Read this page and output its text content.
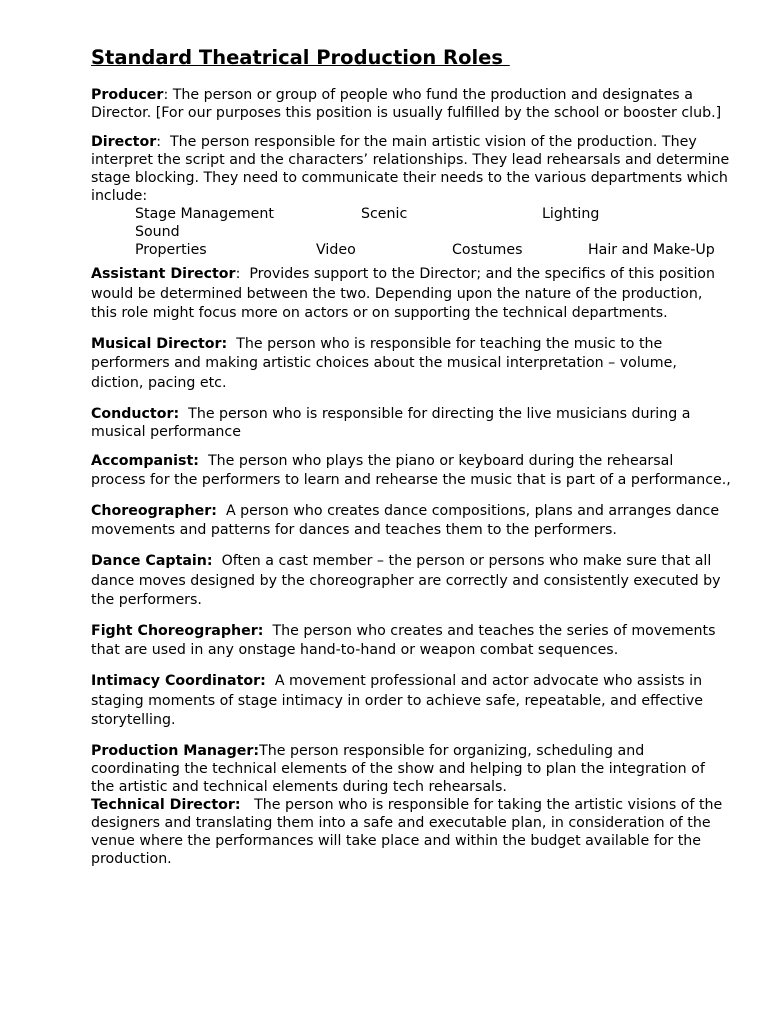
Standard Theatrical Production Roles
Producer: The person or group of people who fund the production and designates a Director. [For our purposes this position is usually fulfilled by the school or booster club.]
Director:  The person responsible for the main artistic vision of the production. They interpret the script and the characters’ relationships. They lead rehearsals and determine stage blocking. They need to communicate their needs to the various departments which include:
Stage Management	Scenic	Lighting
Sound
Properties	Video	Costumes	Hair and Make-Up
Assistant Director:  Provides support to the Director; and the specifics of this position would be determined between the two. Depending upon the nature of the production, this role might focus more on actors or on supporting the technical departments.
Musical Director: The person who is responsible for teaching the music to the performers and making artistic choices about the musical interpretation – volume, diction, pacing etc.
Conductor: The person who is responsible for directing the live musicians during a musical performance
Accompanist: The person who plays the piano or keyboard during the rehearsal process for the performers to learn and rehearse the music that is part of a performance.,
Choreographer: A person who creates dance compositions, plans and arranges dance movements and patterns for dances and teaches them to the performers.
Dance Captain: Often a cast member – the person or persons who make sure that all dance moves designed by the choreographer are correctly and consistently executed by the performers.
Fight Choreographer: The person who creates and teaches the series of movements that are used in any onstage hand-to-hand or weapon combat sequences.
Intimacy Coordinator: A movement professional and actor advocate who assists in staging moments of stage intimacy in order to achieve safe, repeatable, and effective storytelling.
Production Manager:The person responsible for organizing, scheduling and coordinating the technical elements of the show and helping to plan the integration of the artistic and technical elements during tech rehearsals.
Technical Director: The person who is responsible for taking the artistic visions of the designers and translating them into a safe and executable plan, in consideration of the venue where the performances will take place and within the budget available for the production.
